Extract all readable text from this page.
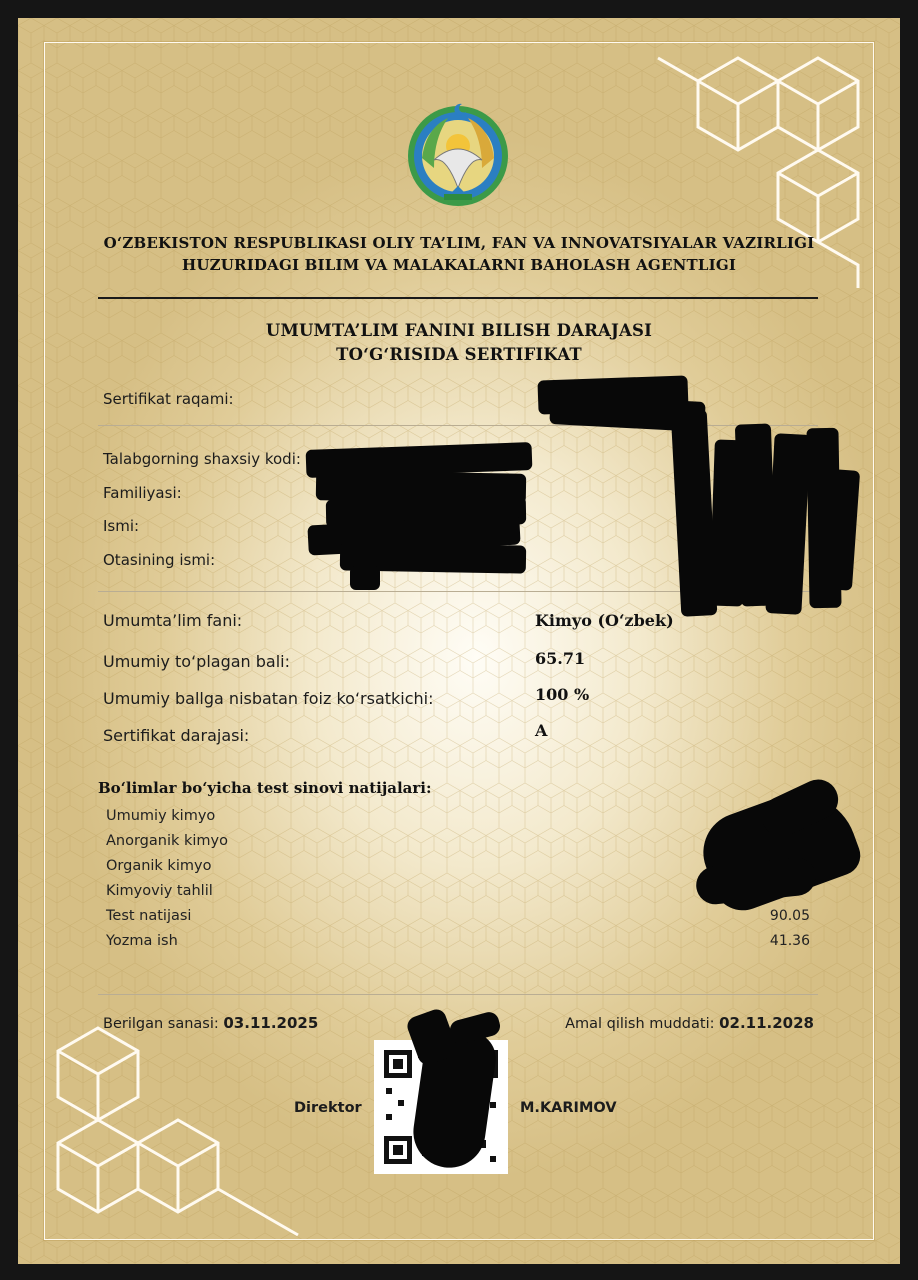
O‘ZBEKISTON RESPUBLIKASI OLIY TA’LIM, FAN VA INNOVATSIYALAR VAZIRLIGI
HUZURIDAGI BILIM VA MALAKALARNI BAHOLASH AGENTLIGI
UMUMTA’LIM FANINI BILISH DARAJASI
TO‘G‘RISIDA SERTIFIKAT
Sertifikat raqami:
Talabgorning shaxsiy kodi:
Familiyasi:
Ismi:
Otasining ismi:
Umumta’lim fani:	Kimyo (O‘zbek)
Umumiy to‘plagan bali:	65.71
Umumiy ballga nisbatan foiz ko‘rsatkichi:	100 %
Sertifikat darajasi:	A
Bo‘limlar bo‘yicha test sinovi natijalari:
Umumiy kimyo
Anorganik kimyo
Organik kimyo
Kimyoviy tahlil
Test natijasi	90.05
Yozma ish	41.36
Berilgan sanasi: 03.11.2025	Amal qilish muddati: 02.11.2028
Direktor	M.KARIMOV
